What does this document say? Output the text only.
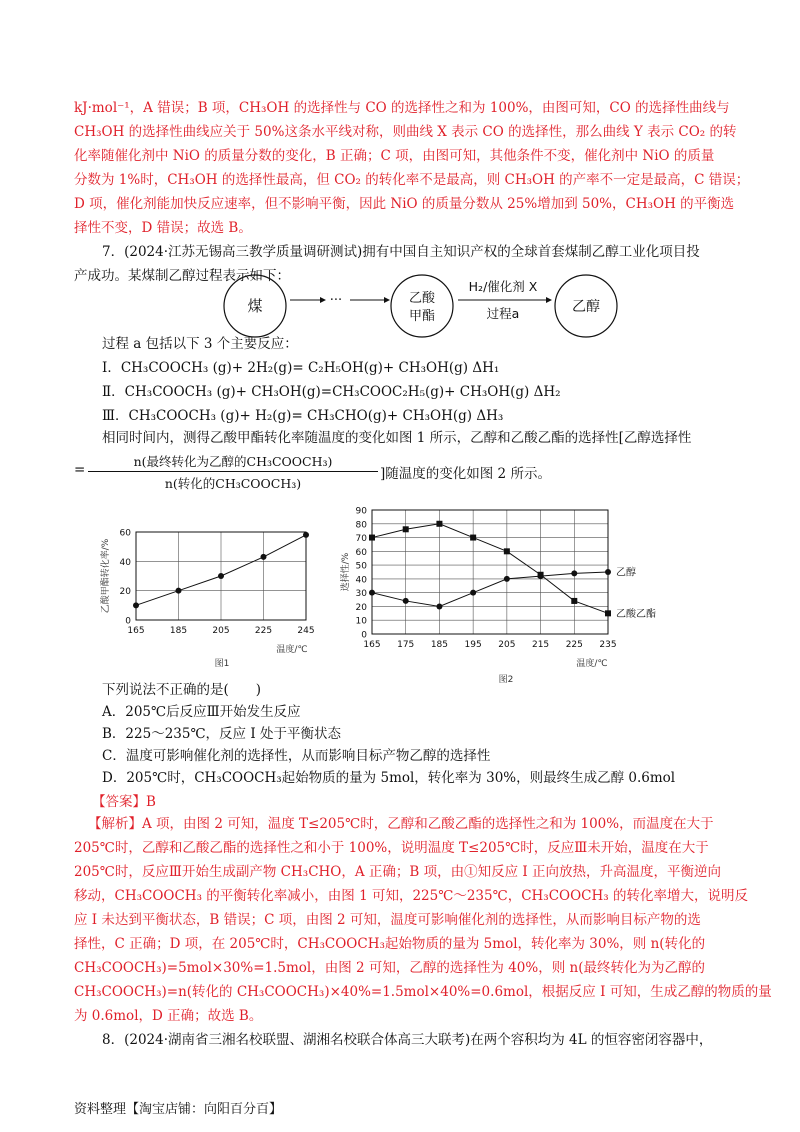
kJ·mol⁻¹，A 错误；B 项，CH₃OH 的选择性与 CO 的选择性之和为 100%，由图可知，CO 的选择性曲线与
CH₃OH 的选择性曲线应关于 50%这条水平线对称，则曲线 X 表示 CO 的选择性，那么曲线 Y 表示 CO₂ 的转
化率随催化剂中 NiO 的质量分数的变化，B 正确；C 项，由图可知，其他条件不变，催化剂中 NiO 的质量
分数为 1%时，CH₃OH 的选择性最高，但 CO₂ 的转化率不是最高，则 CH₃OH 的产率不一定是最高，C 错误；
D 项，催化剂能加快反应速率，但不影响平衡，因此 NiO 的质量分数从 25%增加到 50%，CH₃OH 的平衡选
择性不变，D 错误；故选 B。
7．(2024·江苏无锡高三教学质量调研测试)拥有中国自主知识产权的全球首套煤制乙醇工业化项目投
产成功。某煤制乙醇过程表示如下：
煤	···	乙酸
甲酯
H₂/催化剂 X
过程a	乙醇
过程 a 包括以下 3 个主要反应：
I．CH₃COOCH₃ (g)+ 2H₂(g)= C₂H₅OH(g)+ CH₃OH(g) ΔH₁
Ⅱ．CH₃COOCH₃ (g)+ CH₃OH(g)=CH₃COOC₂H₅(g)+ CH₃OH(g) ΔH₂
Ⅲ．CH₃COOCH₃ (g)+ H₂(g)= CH₃CHO(g)+ CH₃OH(g) ΔH₃
相同时间内，测得乙酸甲酯转化率随温度的变化如图 1 所示，乙醇和乙酸乙酯的选择性[乙醇选择性
=
n(最终转化为乙醇的CH₃COOCH₃)
n(转化的CH₃COOCH₃)
]随温度的变化如图 2 所示。
0
20
40
60
165	185	205	225	245
温度/℃
乙酸甲酯转化率/%
图1
0
10
20
30
40
50
60
70
80
90
165 175 185 195 205 215 225 235
温度/℃
选择性/%
图2
乙醇
乙酸乙酯
下列说法不正确的是(　　)
A．205℃后反应Ⅲ开始发生反应
B．225～235℃，反应 I 处于平衡状态
C．温度可影响催化剂的选择性，从而影响目标产物乙醇的选择性
D．205℃时，CH₃COOCH₃起始物质的量为 5mol，转化率为 30%，则最终生成乙醇 0.6mol
【答案】B
【解析】A 项，由图 2 可知，温度 T≤205℃时，乙醇和乙酸乙酯的选择性之和为 100%，而温度在大于
205℃时，乙醇和乙酸乙酯的选择性之和小于 100%，说明温度 T≤205℃时，反应Ⅲ未开始，温度在大于
205℃时，反应Ⅲ开始生成副产物 CH₃CHO，A 正确；B 项，由①知反应 I 正向放热，升高温度，平衡逆向
移动，CH₃COOCH₃ 的平衡转化率减小，由图 1 可知，225℃～235℃，CH₃COOCH₃ 的转化率增大，说明反
应 I 未达到平衡状态，B 错误；C 项，由图 2 可知，温度可影响催化剂的选择性，从而影响目标产物的选
择性，C 正确；D 项，在 205℃时，CH₃COOCH₃起始物质的量为 5mol，转化率为 30%，则 n(转化的
CH₃COOCH₃)=5mol×30%=1.5mol，由图 2 可知，乙醇的选择性为 40%，则 n(最终转化为为乙醇的
CH₃COOCH₃)=n(转化的 CH₃COOCH₃)×40%=1.5mol×40%=0.6mol，根据反应 I 可知，生成乙醇的物质的量
为 0.6mol，D 正确；故选 B。
8．(2024·湖南省三湘名校联盟、湖湘名校联合体高三大联考)在两个容积均为 4L 的恒容密闭容器中，
资料整理【淘宝店铺：向阳百分百】
